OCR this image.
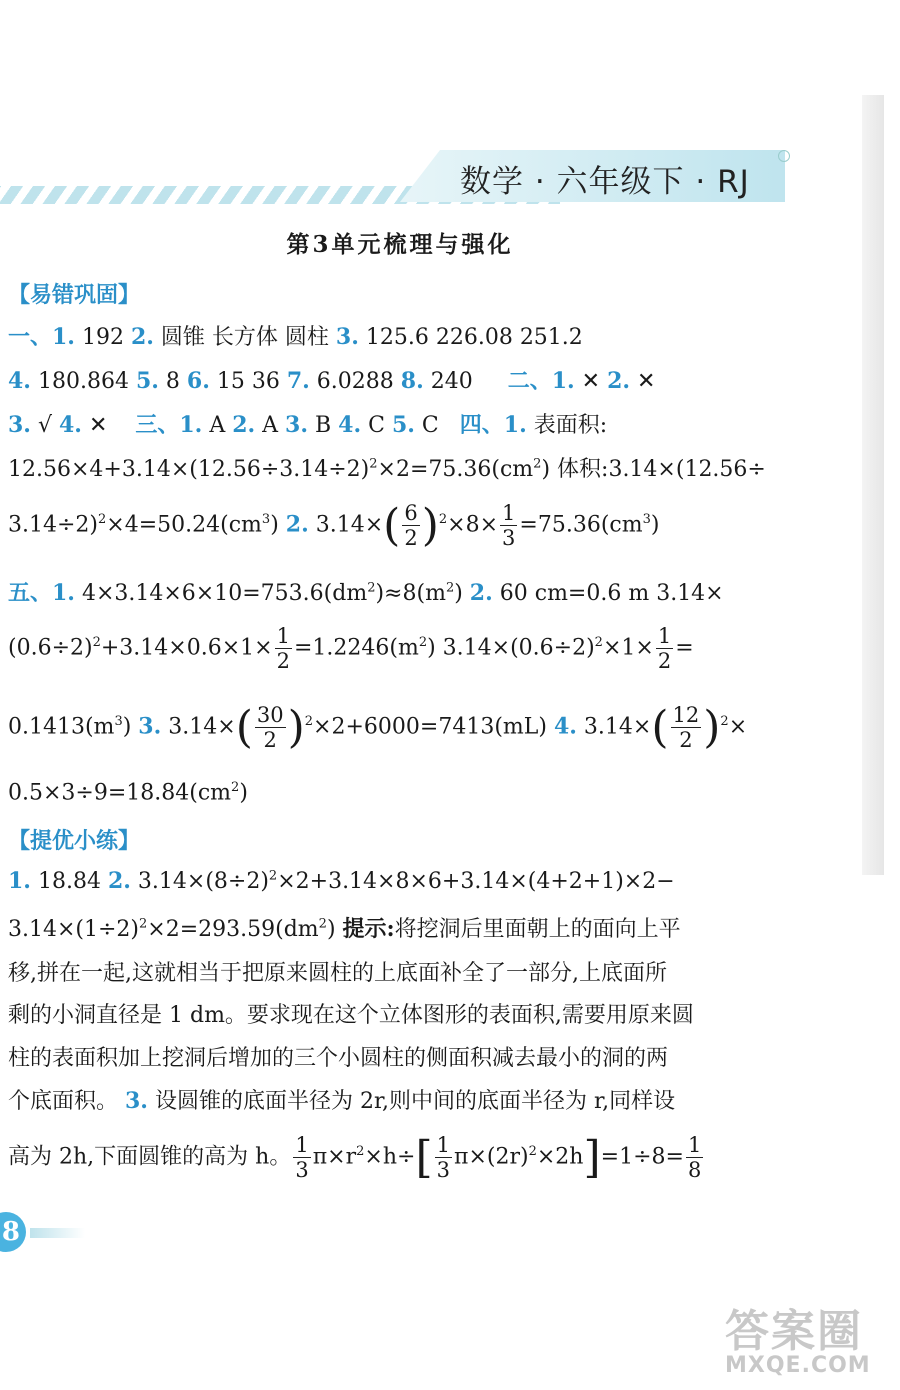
数学 · 六年级下 · RJ
第3单元梳理与强化
【易错巩固】
一、1. 192 2. 圆锥 长方体 圆柱 3. 125.6 226.08 251.2
4. 180.864 5. 8 6. 15 36 7. 6.0288 8. 240 二、1. ✕ 2. ✕
3. √ 4. ✕    三、1. A 2. A 3. B 4. C 5. C   四、1. 表面积:
$12.56\times 4+3.14\times(12.56\div 3.14\div 2)^2\times 2=75.36(cm^2)$ 体积:3.14×(12.56÷
$3.14\div 2)^2\times 4=50.24(cm^3)$ 2. $3.14\times( \frac{6}{2} )^2\times 8\times \frac{1}{3} =75.36(cm^3)$
五、1. $4\times 3.14\times 6\times 10=753.6(dm^2)\approx 8(m^2)$ 2. 60 cm=0.6 m 3.14×
$(0.6\div 2)^2+3.14\times 0.6\times 1\times \frac{1}{2} =1.2246(m^2)$ $3.14\times(0.6\div 2)^2\times 1\times \frac{1}{2}$ =
$0.1413(m^3)$ 3. $3.14\times( \frac{30}{2} )^2\times 2+6000=7413(mL)$ 4. $3.14\times( \frac{12}{2} )^2\times$
$0.5\times 3\div 9=18.84(cm^2)$
【提优小练】
1. 18.84 2. $3.14\times(8\div 2)^2\times 2+3.14\times 8\times 6+3.14\times(4+2+1)\times 2-$
$3.14\times(1\div 2)^2\times 2=293.59(dm^2)$ 提示:将挖洞后里面朝上的面向上平
移,拼在一起,这就相当于把原来圆柱的上底面补全了一部分,上底面所
剩的小洞直径是 1 dm。要求现在这个立体图形的表面积,需要用原来圆
柱的表面积加上挖洞后增加的三个小圆柱的侧面积减去最小的洞的两
个底面积。 3. 设圆锥的底面半径为 2r,则中间的底面半径为 r,同样设
高为 2h,下面圆锥的高为 h。 $\frac{1}{3} \pi\times r^2\times h\div[ \frac{1}{3} \pi\times(2r)^2\times 2h]=1\div 8= \frac{1}{8}$
8
答案圈
MXQE.COM
